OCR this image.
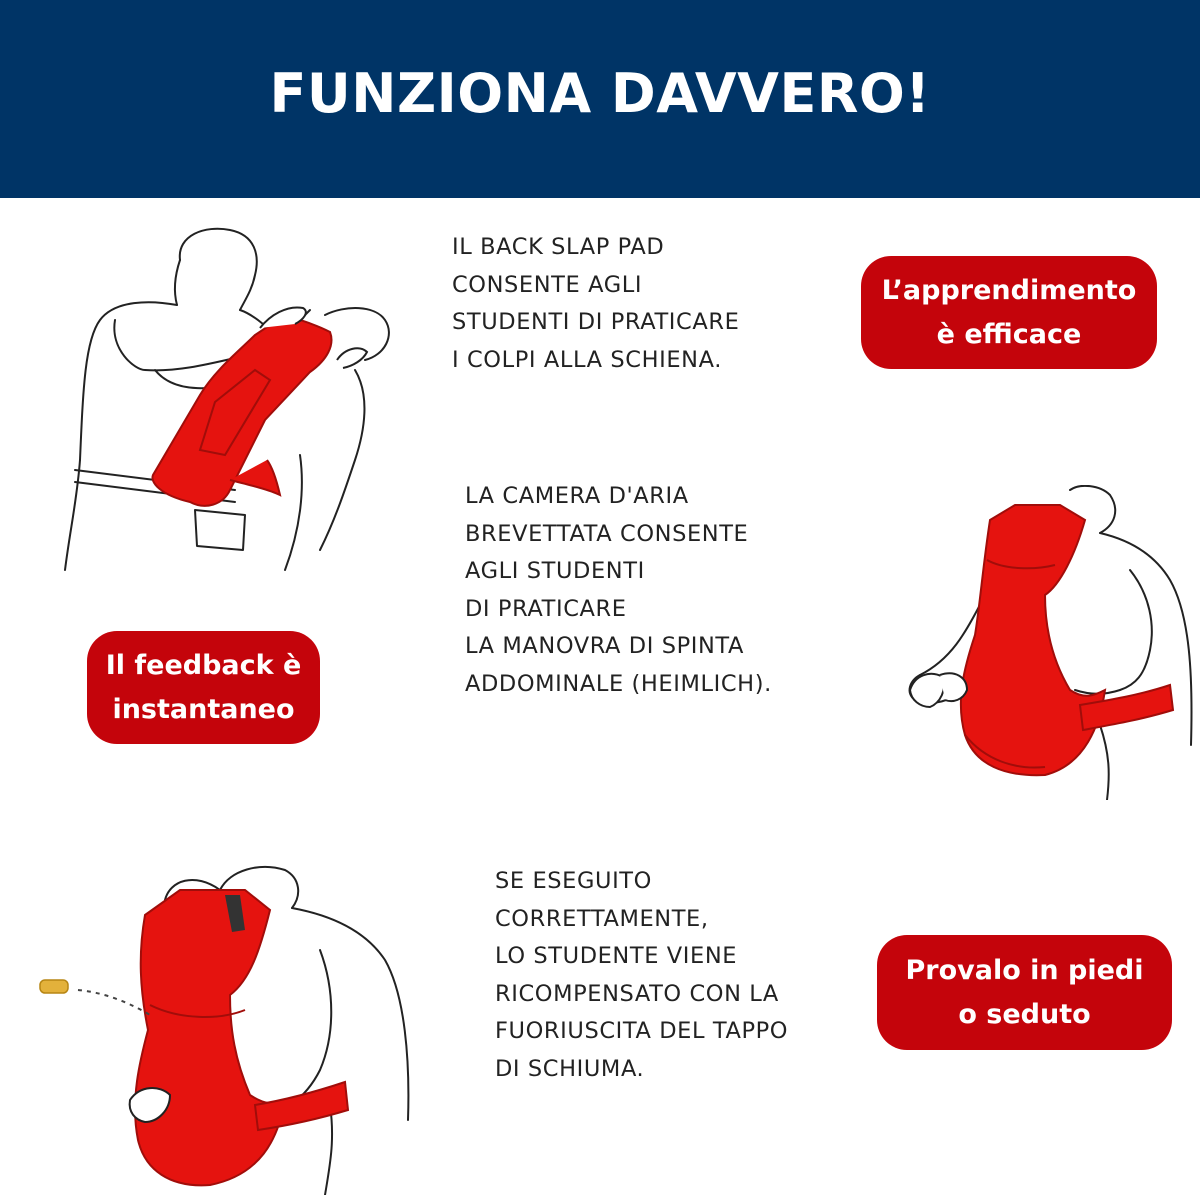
FUNZIONA DAVVERO!
IL BACK SLAP PAD
CONSENTE AGLI
STUDENTI DI PRATICARE
I COLPI ALLA SCHIENA.
L’apprendimento
è efficace
LA CAMERA D'ARIA
BREVETTATA CONSENTE
AGLI STUDENTI
DI PRATICARE
LA MANOVRA DI SPINTA
ADDOMINALE (HEIMLICH).
Il feedback è
instantaneo
SE ESEGUITO
CORRETTAMENTE,
LO STUDENTE VIENE
RICOMPENSATO CON LA
FUORIUSCITA DEL TAPPO
DI SCHIUMA.
Provalo in piedi
o seduto
